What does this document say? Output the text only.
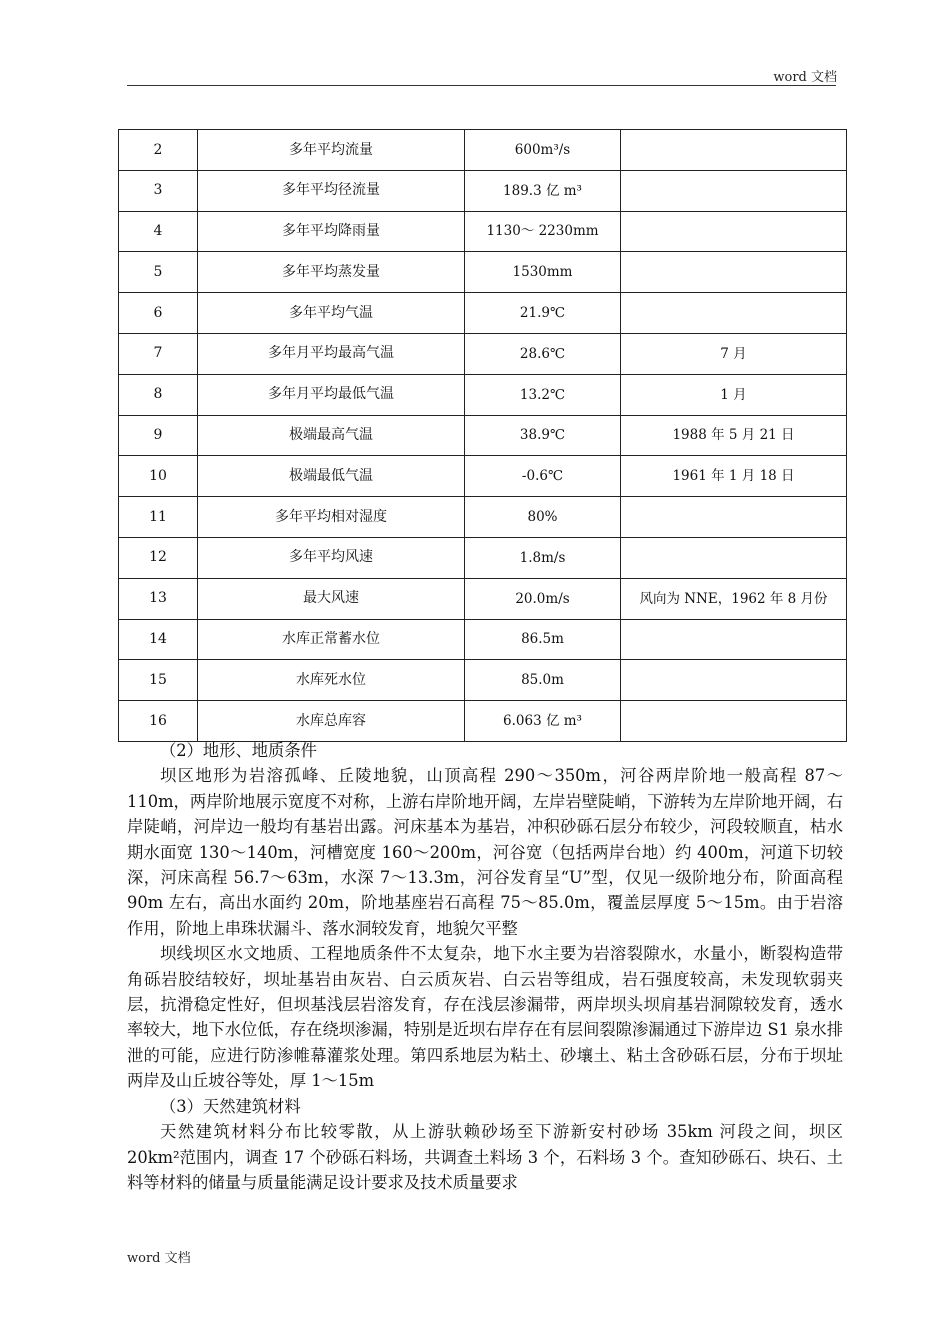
word 文档
2	多年平均流量	600m³/s	
3	多年平均径流量	189.3 亿 m³	
4	多年平均降雨量	1130～ 2230mm	
5	多年平均蒸发量	1530mm	
6	多年平均气温	21.9℃	
7	多年月平均最高气温	28.6℃	7 月
8	多年月平均最低气温	13.2℃	1 月
9	极端最高气温	38.9℃	1988 年 5 月 21 日
10	极端最低气温	-0.6℃	1961 年 1 月 18 日
11	多年平均相对湿度	80%	
12	多年平均风速	1.8m/s	
13	最大风速	20.0m/s	风向为 NNE，1962 年 8 月份
14	水库正常蓄水位	86.5m	
15	水库死水位	85.0m	
16	水库总库容	6.063 亿 m³	

（2）地形、地质条件

坝区地形为岩溶孤峰、丘陵地貌，山顶高程 290～350m，河谷两岸阶地一般高程 87～110m，两岸阶地展示宽度不对称，上游右岸阶地开阔，左岸岩壁陡峭，下游转为左岸阶地开阔，右岸陡峭，河岸边一般均有基岩出露。河床基本为基岩，冲积砂砾石层分布较少，河段较顺直，枯水期水面宽 130～140m，河槽宽度 160～200m，河谷宽（包括两岸台地）约 400m，河道下切较深，河床高程 56.7～63m，水深 7～13.3m，河谷发育呈“U”型，仅见一级阶地分布，阶面高程 90m 左右，高出水面约 20m，阶地基座岩石高程 75～85.0m，覆盖层厚度 5～15m。由于岩溶作用，阶地上串珠状漏斗、落水洞较发育，地貌欠平整

坝线坝区水文地质、工程地质条件不太复杂，地下水主要为岩溶裂隙水，水量小，断裂构造带角砾岩胶结较好，坝址基岩由灰岩、白云质灰岩、白云岩等组成，岩石强度较高，未发现软弱夹层，抗滑稳定性好，但坝基浅层岩溶发育，存在浅层渗漏带，两岸坝头坝肩基岩洞隙较发育，透水率较大，地下水位低，存在绕坝渗漏，特别是近坝右岸存在有层间裂隙渗漏通过下游岸边 S1 泉水排泄的可能，应进行防渗帷幕灌浆处理。第四系地层为粘土、砂壤土、粘土含砂砾石层，分布于坝址两岸及山丘坡谷等处，厚 1～15m

（3）天然建筑材料

天然建筑材料分布比较零散，从上游驮赖砂场至下游新安村砂场 35km 河段之间，坝区 20km²范围内，调查 17 个砂砾石料场，共调查土料场 3 个，石料场 3 个。查知砂砾石、块石、土料等材料的储量与质量能满足设计要求及技术质量要求

word 文档
